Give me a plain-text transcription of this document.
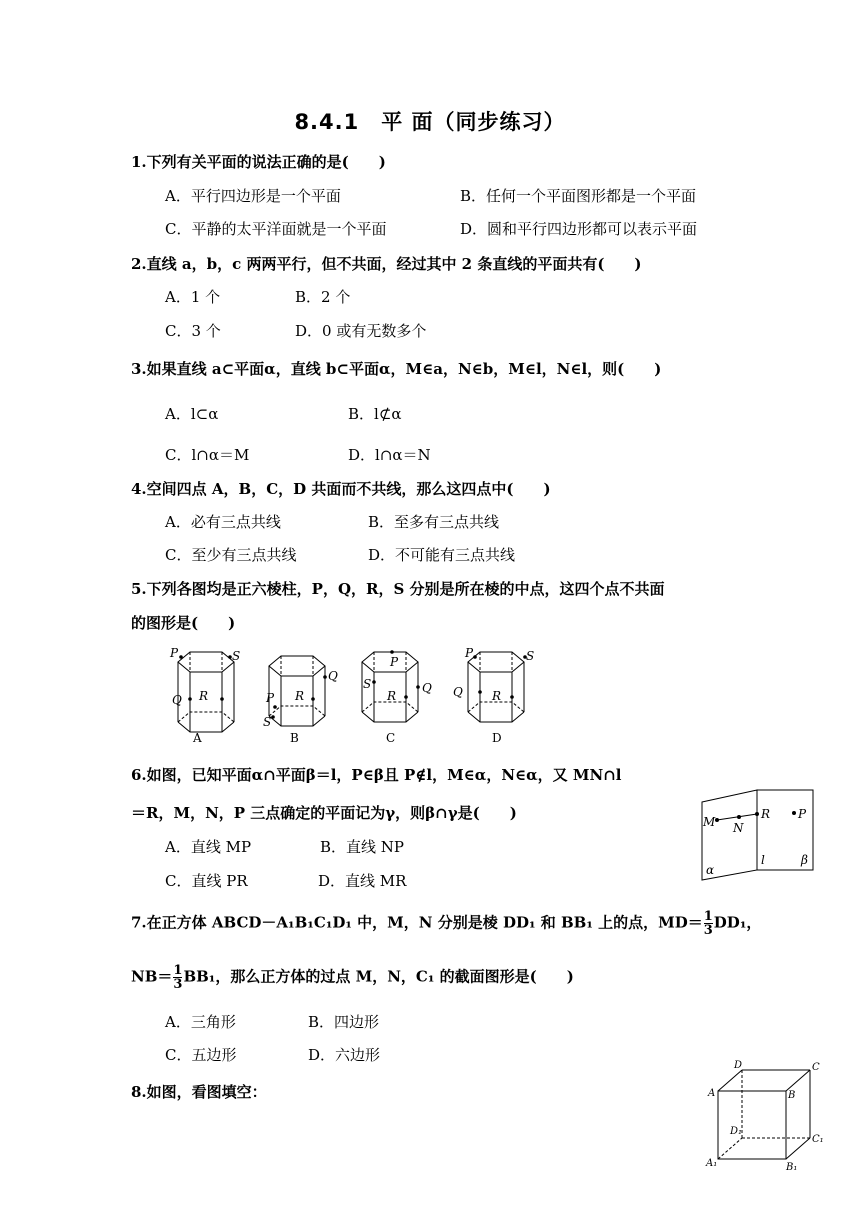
8.4.1　平 面（同步练习）
1.下列有关平面的说法正确的是(　　)
A．平行四边形是一个平面	B．任何一个平面图形都是一个平面
C．平静的太平洋面就是一个平面	D．圆和平行四边形都可以表示平面
2.直线 a，b，c 两两平行，但不共面，经过其中 2 条直线的平面共有(　　)
A．1 个	B．2 个
C．3 个	D．0 或有无数多个
3.如果直线 a⊂平面α，直线 b⊂平面α，M∈a，N∈b，M∈l，N∈l，则(　　)
A．l⊂α	B．l⊄α
C．l∩α＝M	D．l∩α＝N
4.空间四点 A，B，C，D 共面而不共线，那么这四点中(　　)
A．必有三点共线	B．至多有三点共线
C．至少有三点共线	D．不可能有三点共线
5.下列各图均是正六棱柱，P，Q，R，S 分别是所在棱的中点，这四个点不共面
的图形是(　　)
P	S
Q R	P
S
Q
R
P
S	Q
R
P	S
Q R
A	B	C	D
6.如图，已知平面α∩平面β＝l，P∈β且 P∉l，M∈α，N∈α，又 MN∩l
＝R，M，N，P 三点确定的平面记为γ，则β∩γ是(　　)
A．直线 MP	B．直线 NP
C．直线 PR	D．直线 MR
M N
R P
α
l	β
7.在正方体 ABCD－A₁B₁C₁D₁ 中，M，N 分别是棱 DD₁ 和 BB₁ 上的点，$MD= \frac{1}{3} DD_1$，
$NB= \frac{1}{3} BB_1$，那么正方体的过点 M，N，C₁ 的截面图形是(　　)
A．三角形	B．四边形
C．五边形	D．六边形
8.如图，看图填空：
D	C
A	B
D₁
C₁
A₁	B₁
